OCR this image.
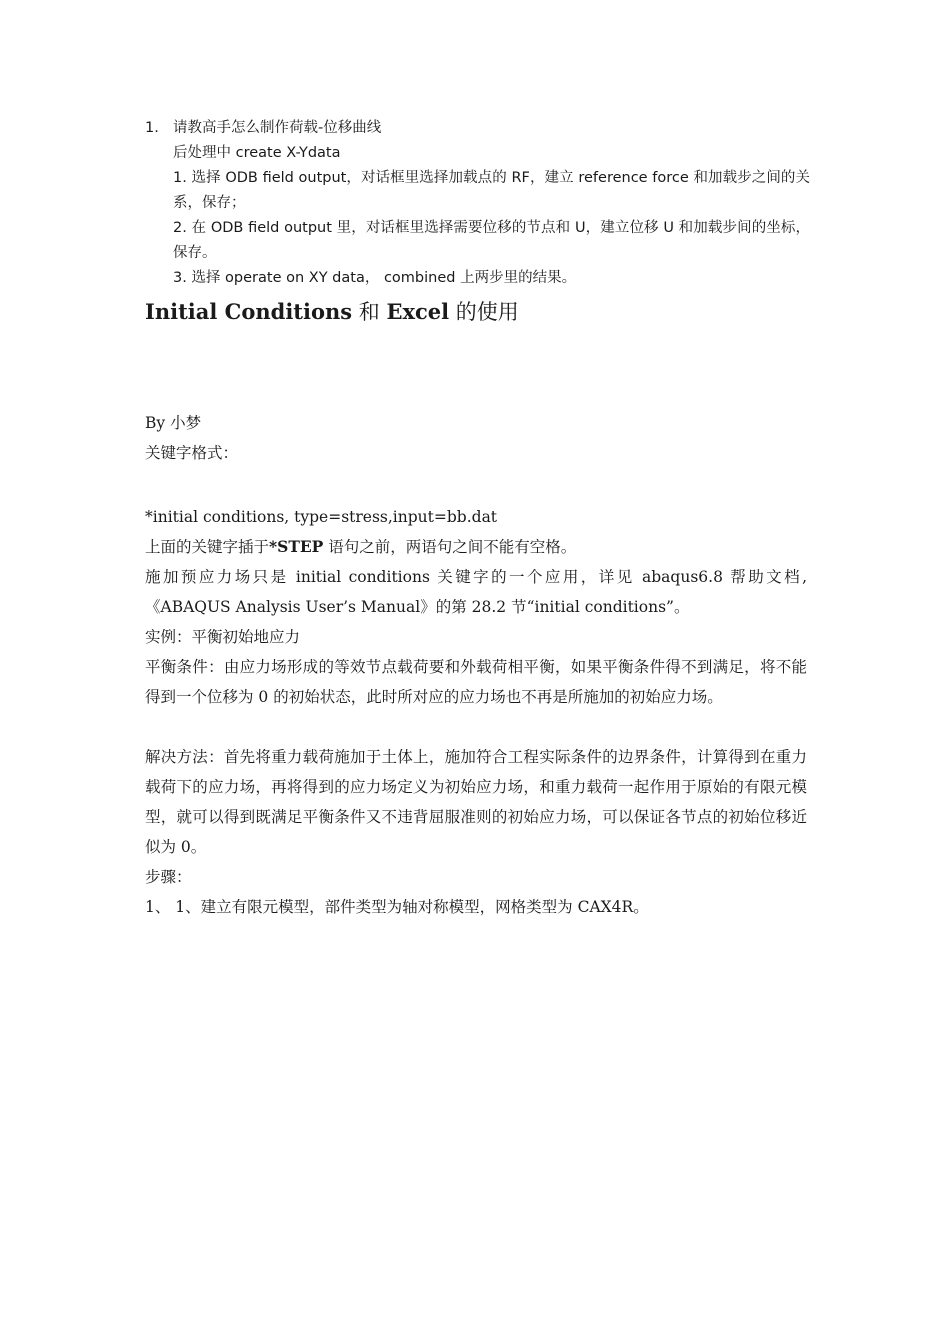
1. 请教高手怎么制作荷载-位移曲线
后处理中 create X-Ydata
1. 选择 ODB field output，对话框里选择加载点的 RF，建立 reference force 和加载步之间的关系，保存；
2. 在 ODB field output 里，对话框里选择需要位移的节点和 U，建立位移 U 和加载步间的坐标，保存。
3. 选择 operate on XY data， combined 上两步里的结果。
Initial Conditions 和 Excel 的使用

By 小梦

关键字格式：

*initial conditions, type=stress,input=bb.dat

上面的关键字插于*STEP 语句之前，两语句之间不能有空格。

施加预应力场只是 initial conditions 关键字的一个应用，详见 abaqus6.8 帮助文档,《ABAQUS Analysis User’s Manual》的第 28.2 节“initial conditions”。

实例：平衡初始地应力

平衡条件：由应力场形成的等效节点载荷要和外载荷相平衡，如果平衡条件得不到满足，将不能得到一个位移为 0 的初始状态，此时所对应的应力场也不再是所施加的初始应力场。

解决方法：首先将重力载荷施加于土体上，施加符合工程实际条件的边界条件，计算得到在重力载荷下的应力场，再将得到的应力场定义为初始应力场，和重力载荷一起作用于原始的有限元模型，就可以得到既满足平衡条件又不违背屈服准则的初始应力场，可以保证各节点的初始位移近似为 0。

步骤：

1、 1、建立有限元模型，部件类型为轴对称模型，网格类型为 CAX4R。
